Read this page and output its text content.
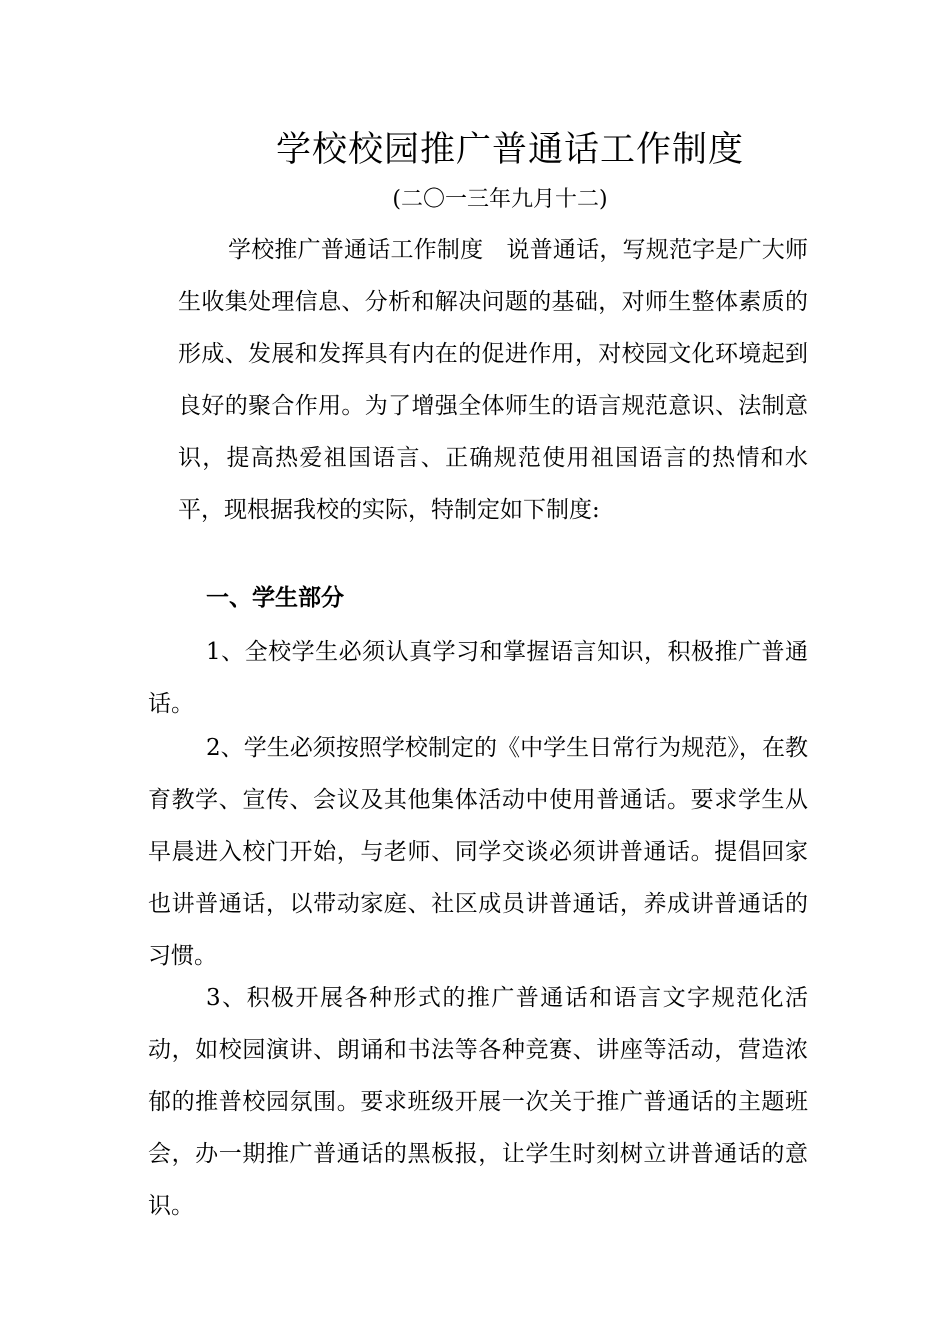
学校校园推广普通话工作制度
(二〇一三年九月十二)

学校推广普通话工作制度　说普通话，写规范字是广大师生收集处理信息、分析和解决问题的基础，对师生整体素质的形成、发展和发挥具有内在的促进作用，对校园文化环境起到良好的聚合作用。为了增强全体师生的语言规范意识、法制意识，提高热爱祖国语言、正确规范使用祖国语言的热情和水平，现根据我校的实际，特制定如下制度:

一、学生部分

1、全校学生必须认真学习和掌握语言知识，积极推广普通话。

2、学生必须按照学校制定的《中学生日常行为规范》，在教育教学、宣传、会议及其他集体活动中使用普通话。要求学生从早晨进入校门开始，与老师、同学交谈必须讲普通话。提倡回家也讲普通话，以带动家庭、社区成员讲普通话，养成讲普通话的习惯。

3、积极开展各种形式的推广普通话和语言文字规范化活动，如校园演讲、朗诵和书法等各种竞赛、讲座等活动，营造浓郁的推普校园氛围。要求班级开展一次关于推广普通话的主题班会，办一期推广普通话的黑板报，让学生时刻树立讲普通话的意识。
